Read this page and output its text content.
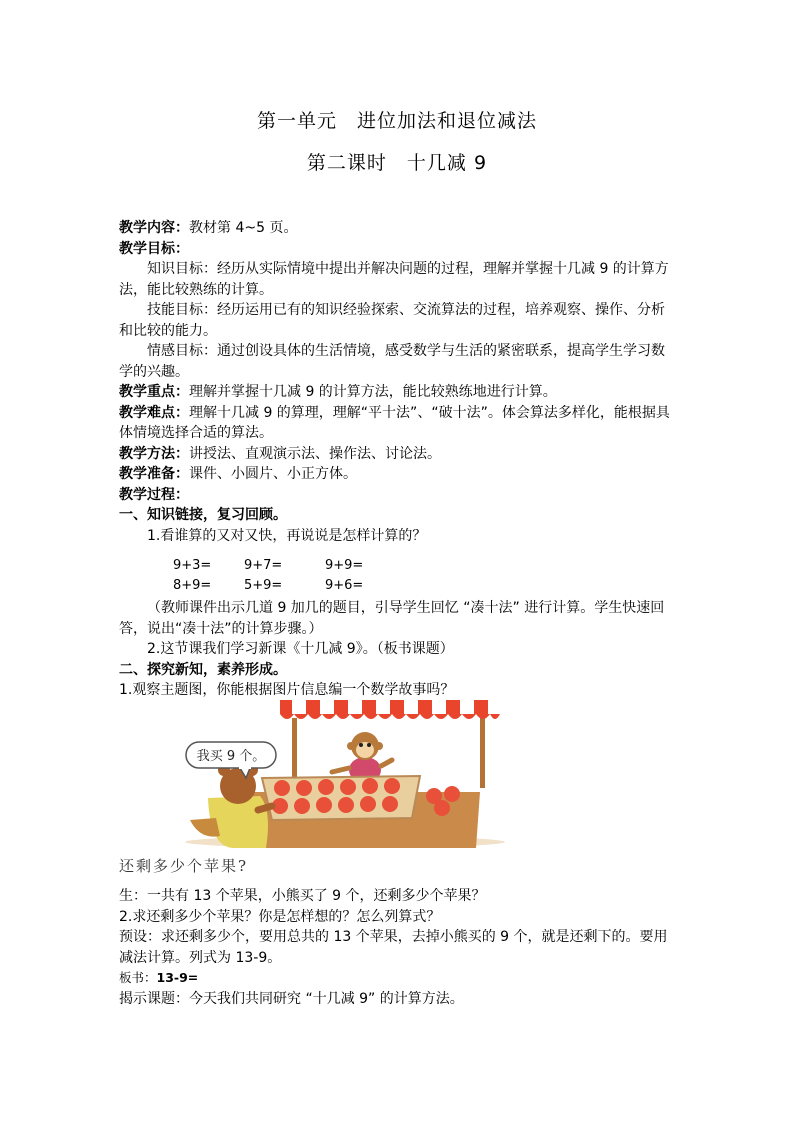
第一单元　进位加法和退位减法
第二课时　十几减 9
教学内容：教材第 4~5 页。
教学目标：
知识目标：经历从实际情境中提出并解决问题的过程，理解并掌握十几减 9 的计算方法，能比较熟练的计算。
技能目标：经历运用已有的知识经验探索、交流算法的过程，培养观察、操作、分析和比较的能力。
情感目标：通过创设具体的生活情境，感受数学与生活的紧密联系，提高学生学习数学的兴趣。
教学重点：理解并掌握十几减 9 的计算方法，能比较熟练地进行计算。
教学难点：理解十几减 9 的算理，理解“平十法”、“破十法”。体会算法多样化，能根据具体情境选择合适的算法。
教学方法：讲授法、直观演示法、操作法、讨论法。
教学准备：课件、小圆片、小正方体。
教学过程：
一、知识链接，复习回顾。
1.看谁算的又对又快，再说说是怎样计算的？
9+3=	9+7=	9+9=
8+9=	5+9=	9+6=
（教师课件出示几道 9 加几的题目，引导学生回忆 “凑十法” 进行计算。学生快速回答，说出“凑十法”的计算步骤。）
2.这节课我们学习新课《十几减 9》。（板书课题）
二、探究新知，素养形成。
1.观察主题图，你能根据图片信息编一个数学故事吗？
我买 9 个。
还剩多少个苹果?
生：一共有 13 个苹果，小熊买了 9 个，还剩多少个苹果？
2.求还剩多少个苹果？你是怎样想的？怎么列算式？
预设：求还剩多少个，要用总共的 13 个苹果，去掉小熊买的 9 个，就是还剩下的。要用减法计算。列式为 13-9。
板书：13-9=
揭示课题：今天我们共同研究 “十几减 9” 的计算方法。
